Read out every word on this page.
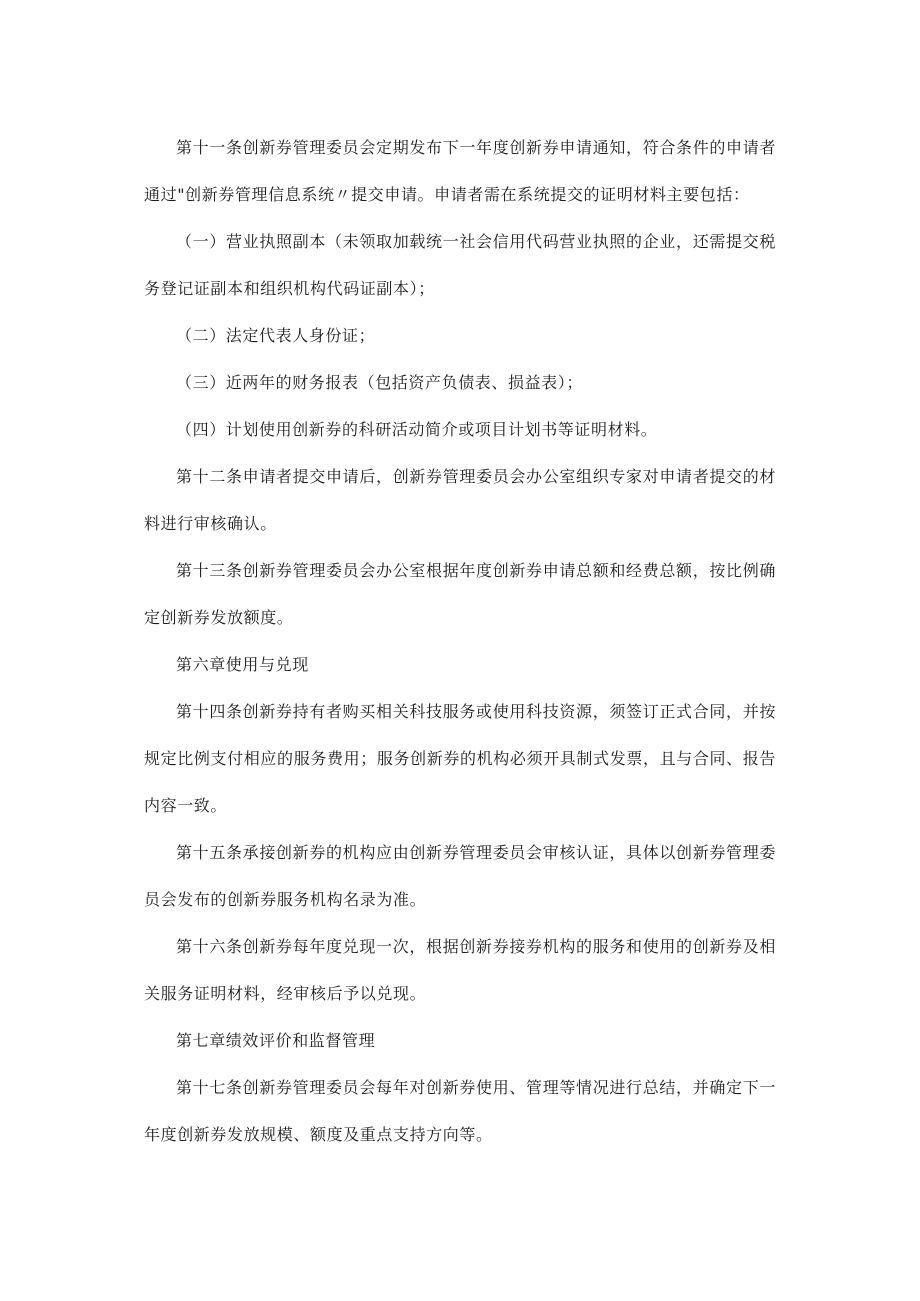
第十一条创新券管理委员会定期发布下一年度创新券申请通知，符合条件的申请者通过"创新券管理信息系统〃提交申请。申请者需在系统提交的证明材料主要包括：

（一）营业执照副本（未领取加载统一社会信用代码营业执照的企业，还需提交税务登记证副本和组织机构代码证副本）；

（二）法定代表人身份证；

（三）近两年的财务报表（包括资产负债表、损益表）；

（四）计划使用创新券的科研活动简介或项目计划书等证明材料。

第十二条申请者提交申请后，创新券管理委员会办公室组织专家对申请者提交的材料进行审核确认。

第十三条创新券管理委员会办公室根据年度创新券申请总额和经费总额，按比例确定创新券发放额度。

第六章使用与兑现

第十四条创新券持有者购买相关科技服务或使用科技资源，须签订正式合同，并按规定比例支付相应的服务费用；服务创新券的机构必须开具制式发票，且与合同、报告内容一致。

第十五条承接创新券的机构应由创新券管理委员会审核认证，具体以创新券管理委员会发布的创新券服务机构名录为准。

第十六条创新券每年度兑现一次，根据创新券接券机构的服务和使用的创新券及相关服务证明材料，经审核后予以兑现。

第七章绩效评价和监督管理

第十七条创新券管理委员会每年对创新券使用、管理等情况进行总结，并确定下一年度创新券发放规模、额度及重点支持方向等。
